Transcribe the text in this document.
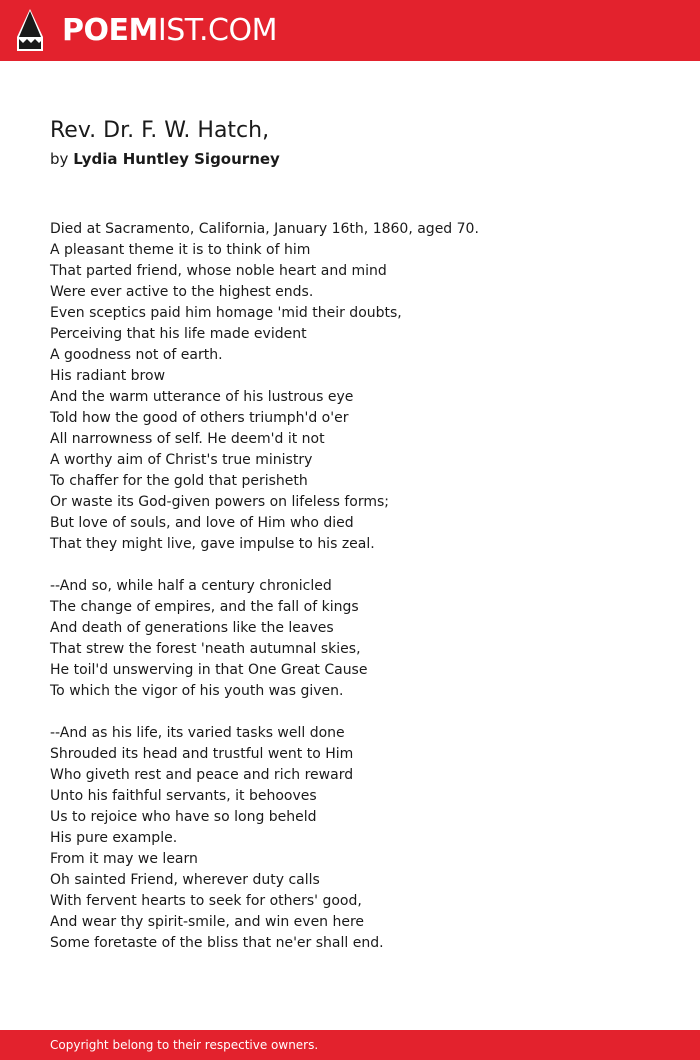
POEMIST.COM
Rev. Dr. F. W. Hatch,
by Lydia Huntley Sigourney
Died at Sacramento, California, January 16th, 1860, aged 70.
A pleasant theme it is to think of him
That parted friend, whose noble heart and mind
Were ever active to the highest ends.
Even sceptics paid him homage 'mid their doubts,
Perceiving that his life made evident
A goodness not of earth.
His radiant brow
And the warm utterance of his lustrous eye
Told how the good of others triumph'd o'er
All narrowness of self. He deem'd it not
A worthy aim of Christ's true ministry
To chaffer for the gold that perisheth
Or waste its God-given powers on lifeless forms;
But love of souls, and love of Him who died
That they might live, gave impulse to his zeal.
--And so, while half a century chronicled
The change of empires, and the fall of kings
And death of generations like the leaves
That strew the forest 'neath autumnal skies,
He toil'd unswerving in that One Great Cause
To which the vigor of his youth was given.
--And as his life, its varied tasks well done
Shrouded its head and trustful went to Him
Who giveth rest and peace and rich reward
Unto his faithful servants, it behooves
Us to rejoice who have so long beheld
His pure example.
From it may we learn
Oh sainted Friend, wherever duty calls
With fervent hearts to seek for others' good,
And wear thy spirit-smile, and win even here
Some foretaste of the bliss that ne'er shall end.
Copyright belong to their respective owners.
